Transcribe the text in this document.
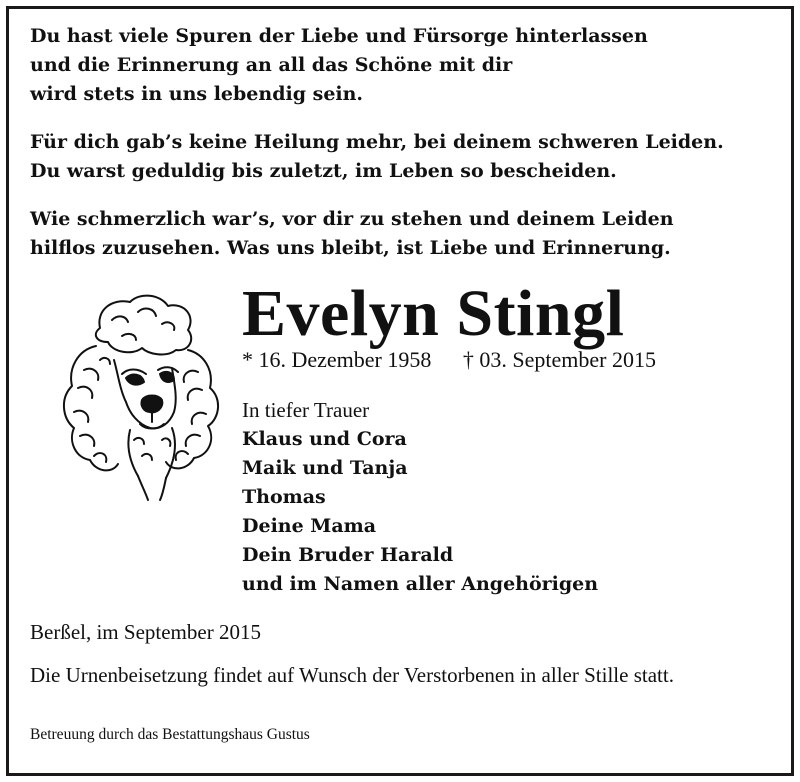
Du hast viele Spuren der Liebe und Fürsorge hinterlassen
und die Erinnerung an all das Schöne mit dir
wird stets in uns lebendig sein.
Für dich gab’s keine Heilung mehr, bei deinem schweren Leiden.
Du warst geduldig bis zuletzt, im Leben so bescheiden.
Wie schmerzlich war’s, vor dir zu stehen und deinem Leiden
hilflos zuzusehen. Was uns bleibt, ist Liebe und Erinnerung.
Evelyn Stingl
* 16. Dezember 1958 † 03. September 2015
In tiefer Trauer
Klaus und Cora
Maik und Tanja
Thomas
Deine Mama
Dein Bruder Harald
und im Namen aller Angehörigen
Berßel, im September 2015
Die Urnenbeisetzung findet auf Wunsch der Verstorbenen in aller Stille statt.
Betreuung durch das Bestattungshaus Gustus
